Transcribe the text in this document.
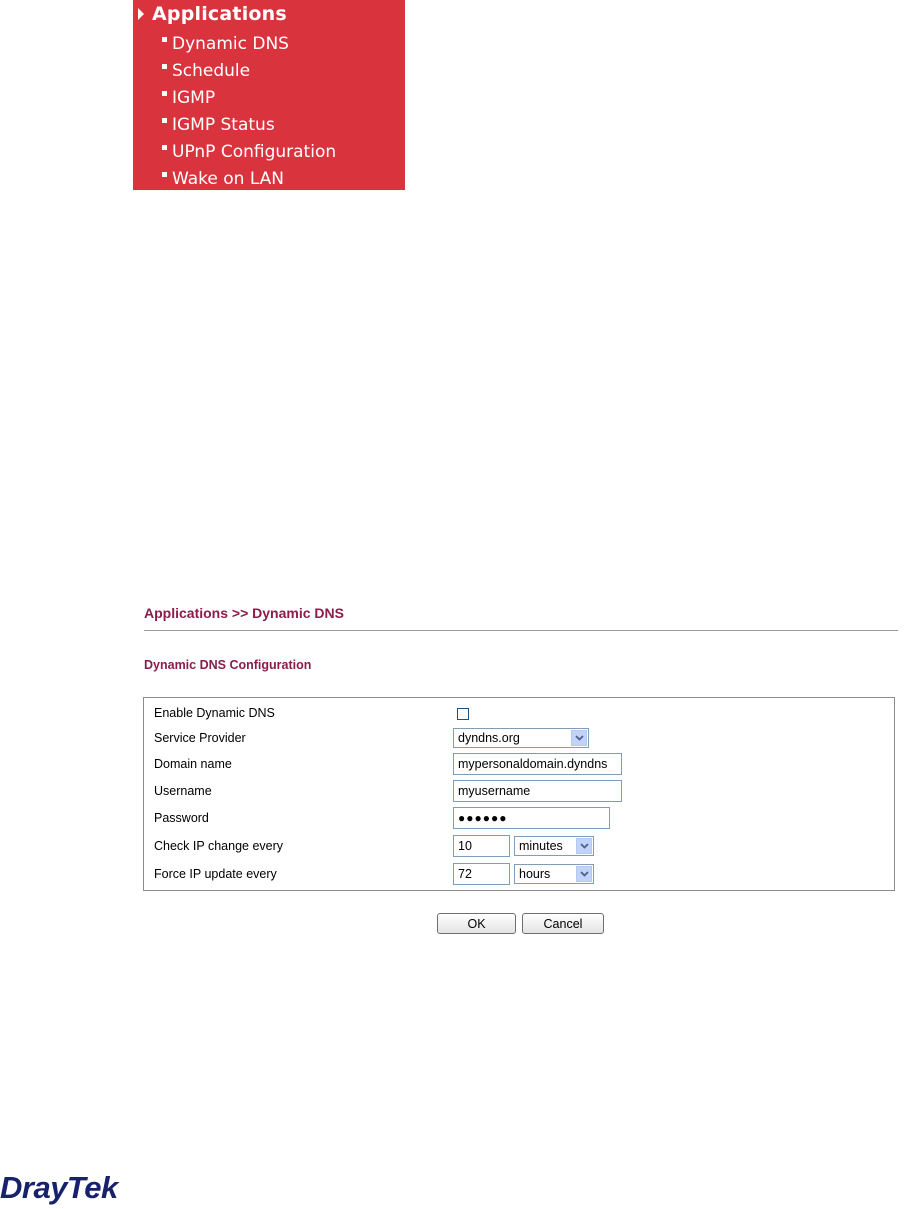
Applications
Dynamic DNS
Schedule
IGMP
IGMP Status
UPnP Configuration
Wake on LAN
Applications >> Dynamic DNS
Dynamic DNS Configuration
Enable Dynamic DNS
Service Provider	dyndns.org
Domain name	mypersonaldomain.dyndns
Username	myusername
Password	●●●●●●
Check IP change every	10	minutes
Force IP update every	72	hours
OK	Cancel
DrayTek
